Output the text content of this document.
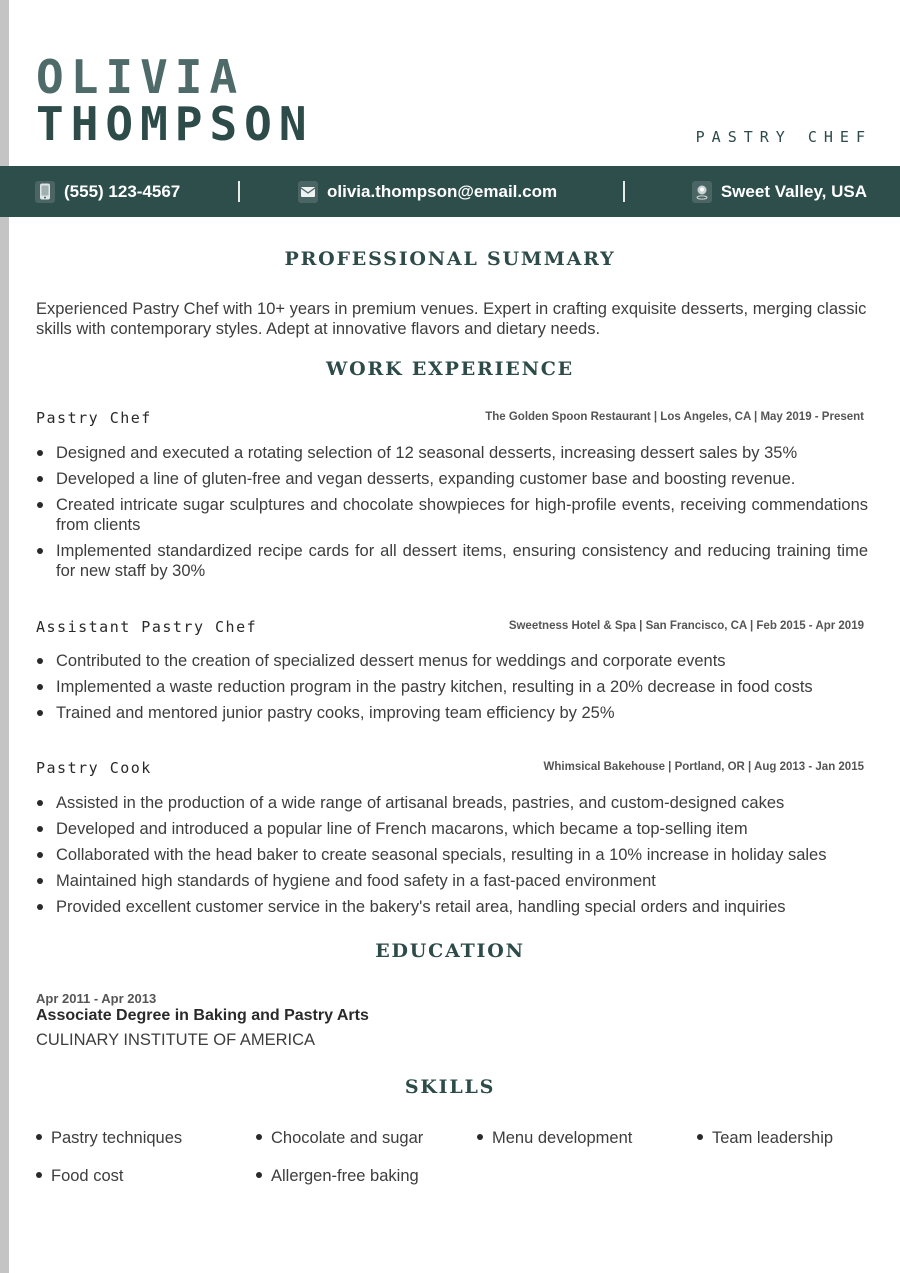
OLIVIA
THOMPSON	PASTRY CHEF
(555) 123-4567	olivia.thompson@email.com	Sweet Valley, USA
PROFESSIONAL SUMMARY

Experienced Pastry Chef with 10+ years in premium venues. Expert in crafting exquisite desserts, merging classic skills with contemporary styles. Adept at innovative flavors and dietary needs.

WORK EXPERIENCE
Pastry Chef	The Golden Spoon Restaurant | Los Angeles, CA | May 2019 - Present
Designed and executed a rotating selection of 12 seasonal desserts, increasing dessert sales by 35%
Developed a line of gluten-free and vegan desserts, expanding customer base and boosting revenue.
Created intricate sugar sculptures and chocolate showpieces for high-profile events, receiving commendations from clients
Implemented standardized recipe cards for all dessert items, ensuring consistency and reducing training time for new staff by 30%
Assistant Pastry Chef	Sweetness Hotel & Spa | San Francisco, CA | Feb 2015 - Apr 2019
Contributed to the creation of specialized dessert menus for weddings and corporate events
Implemented a waste reduction program in the pastry kitchen, resulting in a 20% decrease in food costs
Trained and mentored junior pastry cooks, improving team efficiency by 25%
Pastry Cook	Whimsical Bakehouse | Portland, OR | Aug 2013 - Jan 2015
Assisted in the production of a wide range of artisanal breads, pastries, and custom-designed cakes
Developed and introduced a popular line of French macarons, which became a top-selling item
Collaborated with the head baker to create seasonal specials, resulting in a 10% increase in holiday sales
Maintained high standards of hygiene and food safety in a fast-paced environment
Provided excellent customer service in the bakery's retail area, handling special orders and inquiries
EDUCATION
Apr 2011 - Apr 2013
Associate Degree in Baking and Pastry Arts
CULINARY INSTITUTE OF AMERICA
SKILLS
Pastry techniques	Chocolate and sugar	Menu development	Team leadership
Food cost	Allergen-free baking
